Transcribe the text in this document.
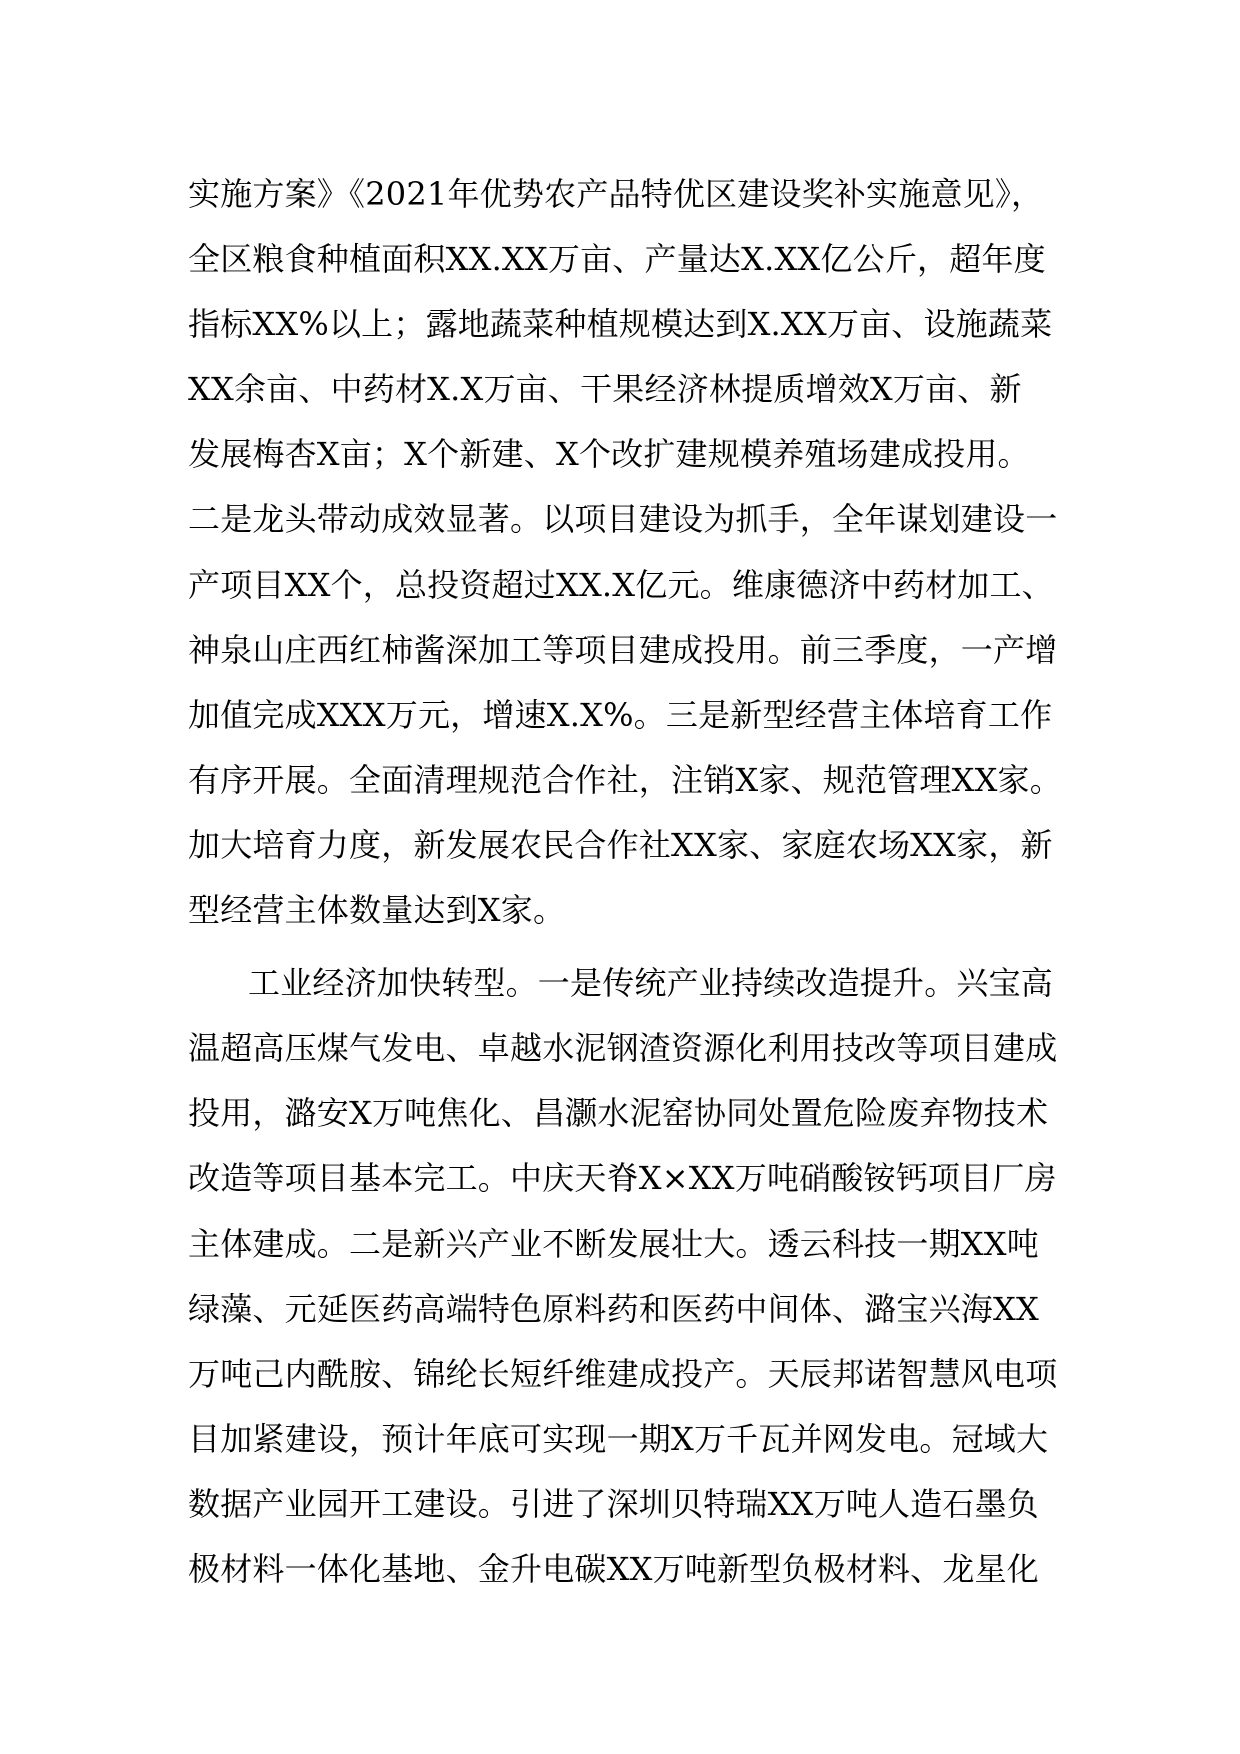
实施方案》《2021年优势农产品特优区建设奖补实施意见》，
全区粮食种植面积XX.XX万亩、产量达X.XX亿公斤，超年度
指标XX%以上；露地蔬菜种植规模达到X.XX万亩、设施蔬菜
XX余亩、中药材X.X万亩、干果经济林提质增效X万亩、新
发展梅杏X亩；X个新建、X个改扩建规模养殖场建成投用。
二是龙头带动成效显著。以项目建设为抓手，全年谋划建设一
产项目XX个，总投资超过XX.X亿元。维康德济中药材加工、
神泉山庄西红柿酱深加工等项目建成投用。前三季度，一产增
加值完成XXX万元，增速X.X%。三是新型经营主体培育工作
有序开展。全面清理规范合作社，注销X家、规范管理XX家。
加大培育力度，新发展农民合作社XX家、家庭农场XX家，新
型经营主体数量达到X家。
工业经济加快转型。一是传统产业持续改造提升。兴宝高
温超高压煤气发电、卓越水泥钢渣资源化利用技改等项目建成
投用，潞安X万吨焦化、昌灏水泥窑协同处置危险废弃物技术
改造等项目基本完工。中庆天脊X×XX万吨硝酸铵钙项目厂房
主体建成。二是新兴产业不断发展壮大。透云科技一期XX吨
绿藻、元延医药高端特色原料药和医药中间体、潞宝兴海XX
万吨己内酰胺、锦纶长短纤维建成投产。天辰邦诺智慧风电项
目加紧建设，预计年底可实现一期X万千瓦并网发电。冠域大
数据产业园开工建设。引进了深圳贝特瑞XX万吨人造石墨负
极材料一体化基地、金升电碳XX万吨新型负极材料、龙星化
